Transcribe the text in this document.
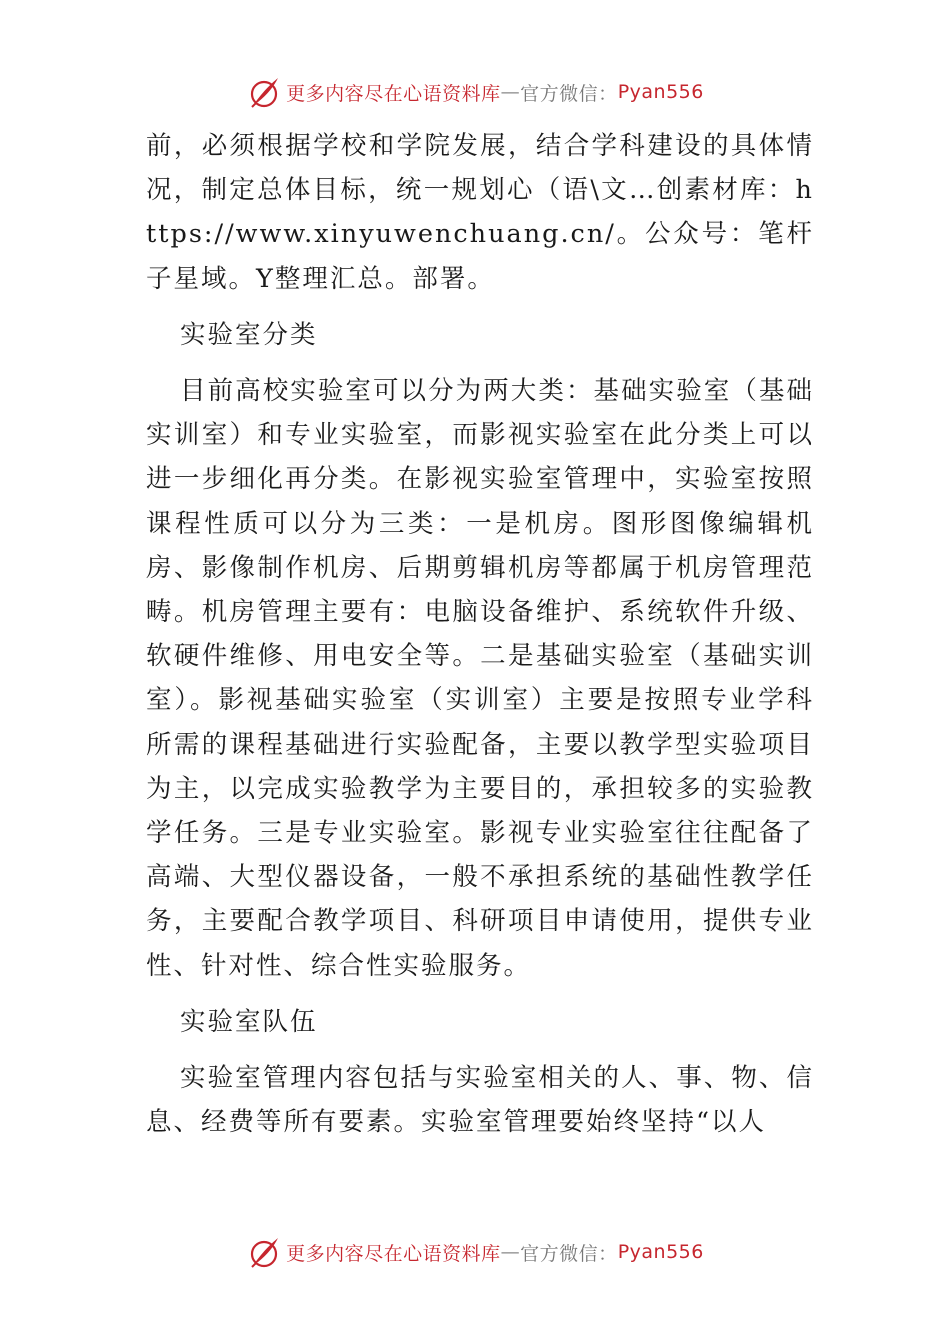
更多内容尽在心语资料库 — 官方微信： Pyan556

前，必须根据学校和学院发展，结合学科建设的具体情况，制定总体目标，统一规划心（语\文…创素材库：https://www.xinyuwenchuang.cn/。公众号：笔杆子星域。Y整理汇总。部署。

实验室分类

目前高校实验室可以分为两大类：基础实验室（基础实训室）和专业实验室，而影视实验室在此分类上可以进一步细化再分类。在影视实验室管理中，实验室按照课程性质可以分为三类：一是机房。图形图像编辑机房、影像制作机房、后期剪辑机房等都属于机房管理范畴。机房管理主要有：电脑设备维护、系统软件升级、软硬件维修、用电安全等。二是基础实验室（基础实训室）。影视基础实验室（实训室）主要是按照专业学科所需的课程基础进行实验配备，主要以教学型实验项目为主，以完成实验教学为主要目的，承担较多的实验教学任务。三是专业实验室。影视专业实验室往往配备了高端、大型仪器设备，一般不承担系统的基础性教学任务，主要配合教学项目、科研项目申请使用，提供专业性、针对性、综合性实验服务。

实验室队伍

实验室管理内容包括与实验室相关的人、事、物、信息、经费等所有要素。实验室管理要始终坚持“以人

更多内容尽在心语资料库 — 官方微信： Pyan556
